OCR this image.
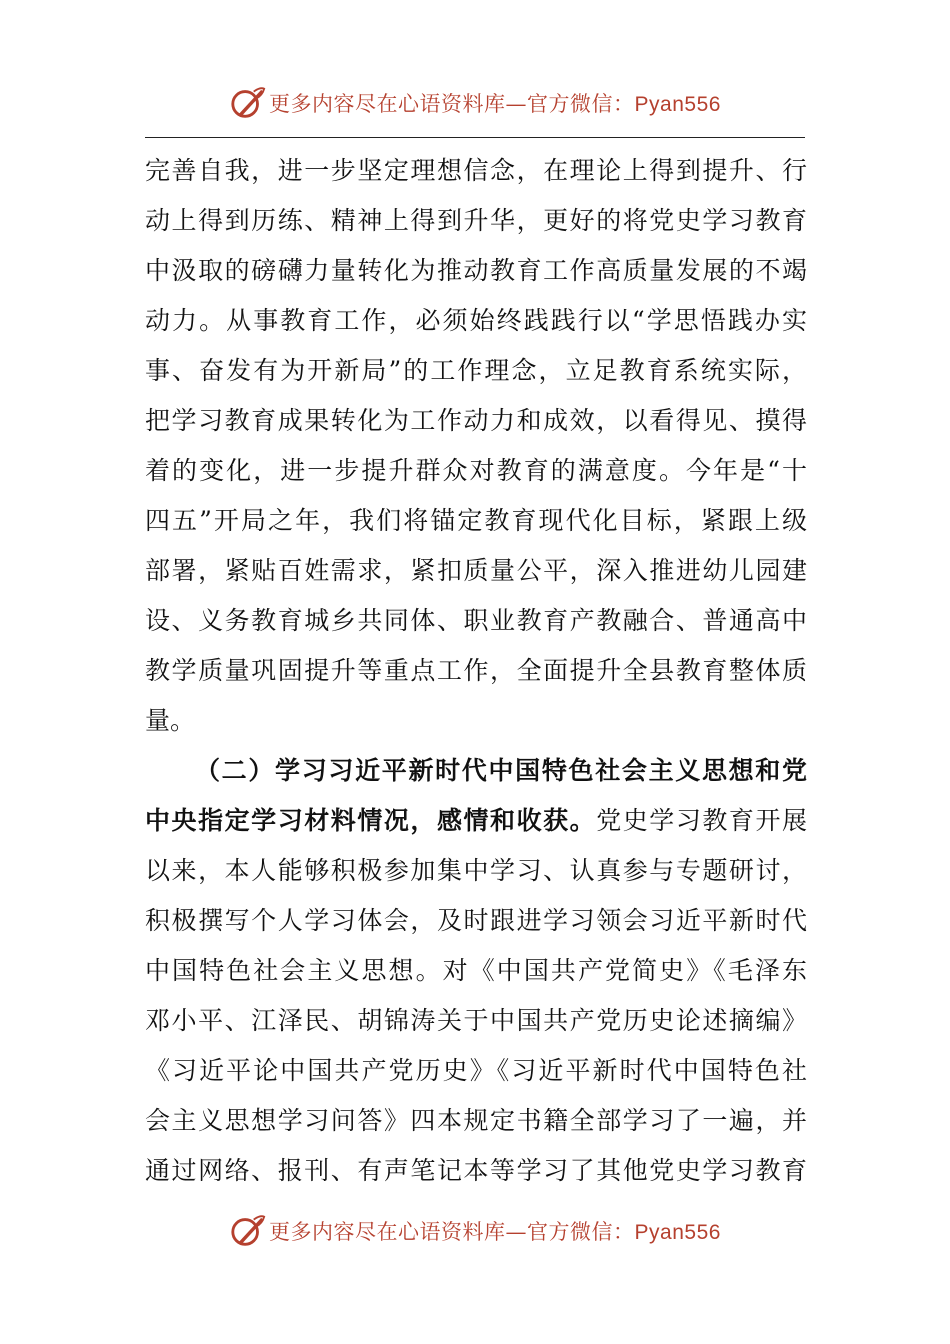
更多内容尽在心语资料库—官方微信：Pyan556
完善自我，进一步坚定理想信念，在理论上得到提升、行
动上得到历练、精神上得到升华，更好的将党史学习教育
中汲取的磅礴力量转化为推动教育工作高质量发展的不竭
动力。从事教育工作，必须始终践践行以“学思悟践办实
事、奋发有为开新局”的工作理念，立足教育系统实际，
把学习教育成果转化为工作动力和成效，以看得见、摸得
着的变化，进一步提升群众对教育的满意度。今年是“十
四五”开局之年，我们将锚定教育现代化目标，紧跟上级
部署，紧贴百姓需求，紧扣质量公平，深入推进幼儿园建
设、义务教育城乡共同体、职业教育产教融合、普通高中
教学质量巩固提升等重点工作，全面提升全县教育整体质
量。
（二）学习习近平新时代中国特色社会主义思想和党
中央指定学习材料情况，感情和收获。党史学习教育开展
以来，本人能够积极参加集中学习、认真参与专题研讨，
积极撰写个人学习体会，及时跟进学习领会习近平新时代
中国特色社会主义思想。对《中国共产党简史》《毛泽东
邓小平、江泽民、胡锦涛关于中国共产党历史论述摘编》
《习近平论中国共产党历史》《习近平新时代中国特色社
会主义思想学习问答》四本规定书籍全部学习了一遍，并
通过网络、报刊、有声笔记本等学习了其他党史学习教育
更多内容尽在心语资料库—官方微信：Pyan556
